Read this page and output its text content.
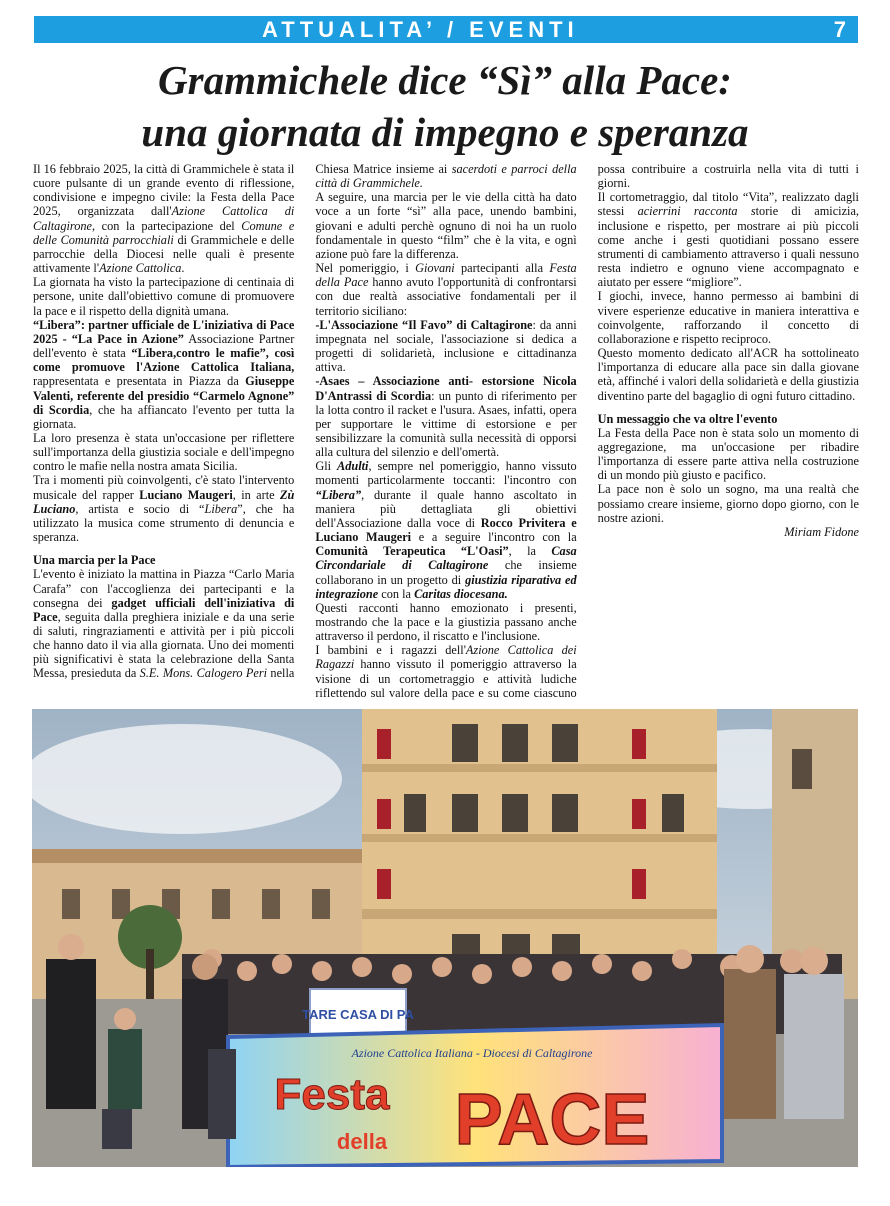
ATTUALITA’ / EVENTI	7
Grammichele dice “Sì” alla Pace:
una giornata di impegno e speranza

Il 16 febbraio 2025, la città di Grammichele è stata il cuore pulsante di un grande evento di riflessione, condivisione e impegno civile: la Festa della Pace 2025, organizzata dall'Azione Cattolica di Caltagirone, con la partecipazione del Comune e delle Comunità parrocchiali di Grammichele e delle parrocchie della Diocesi nelle quali è presente attivamente l'Azione Cattolica.

La giornata ha visto la partecipazione di centinaia di persone, unite dall'obiettivo comune di promuovere la pace e il rispetto della dignità umana.

“Libera”: partner ufficiale de L'iniziativa di Pace 2025 - “La Pace in Azione” Associazione Partner dell'evento è stata “Libera,contro le mafie”, così come promuove l'Azione Cattolica Italiana, rappresentata e presentata in Piazza da Giuseppe Valenti, referente del presidio “Carmelo Agnone” di Scordia, che ha affiancato l'evento per tutta la giornata.

La loro presenza è stata un'occasione per riflettere sull'importanza della giustizia sociale e dell'impegno contro le mafie nella nostra amata Sicilia.

Tra i momenti più coinvolgenti, c'è stato l'intervento musicale del rapper Luciano Maugeri, in arte Zù Luciano, artista e socio di “Libera”, che ha utilizzato la musica come strumento di denuncia e speranza.

Una marcia per la Pace

L'evento è iniziato la mattina in Piazza “Carlo Maria Carafa” con l'accoglienza dei partecipanti e la consegna dei gadget ufficiali dell'iniziativa di Pace, seguita dalla preghiera iniziale e da una serie di saluti, ringraziamenti e attività per i più piccoli che hanno dato il via alla giornata. Uno dei momenti più significativi è stata la celebrazione della Santa Messa, presieduta da S.E. Mons. Calogero Peri nella Chiesa Matrice insieme ai sacerdoti e parroci della città di Grammichele.

A seguire, una marcia per le vie della città ha dato voce a un forte “sì” alla pace, unendo bambini, giovani e adulti perchè ognuno di noi ha un ruolo fondamentale in questo “film” che è la vita, e ognì azione può fare la differenza.

Nel pomeriggio, i Giovani partecipanti alla Festa della Pace hanno avuto l'opportunità di confrontarsi con due realtà associative fondamentali per il territorio siciliano:

-L'Associazione “Il Favo” di Caltagirone: da anni impegnata nel sociale, l'associazione si dedica a progetti di solidarietà, inclusione e cittadinanza attiva.

-Asaes – Associazione anti- estorsione Nicola D'Antrassi di Scordia: un punto di riferimento per la lotta contro il racket e l'usura. Asaes, infatti, opera per supportare le vittime di estorsione e per sensibilizzare la comunità sulla necessità di opporsi alla cultura del silenzio e dell'omertà.

Gli Adulti, sempre nel pomeriggio, hanno vissuto momenti particolarmente toccanti: l'incontro con “Libera”, durante il quale hanno ascoltato in maniera più dettagliata gli obiettivi dell'Associazione dalla voce di Rocco Privitera e Luciano Maugeri e a seguire l'incontro con la Comunità Terapeutica “L'Oasi”, la Casa Circondariale di Caltagirone che insieme collaborano in un progetto di giustizia riparativa ed integrazione con la Caritas diocesana.

Questi racconti hanno emozionato i presenti, mostrando che la pace e la giustizia passano anche attraverso il perdono, il riscatto e l'inclusione.

I bambini e i ragazzi dell'Azione Cattolica dei Ragazzi hanno vissuto il pomeriggio attraverso la visione di un cortometraggio e attività ludiche riflettendo sul valore della pace e su come ciascuno possa contribuire a costruirla nella vita di tutti i giorni.

Il cortometraggio, dal titolo “Vita”, realizzato dagli stessi acierrini racconta storie di amicizia, inclusione e rispetto, per mostrare ai più piccoli come anche i gesti quotidiani possano essere strumenti di cambiamento attraverso i quali nessuno resta indietro e ognuno viene accompagnato e aiutato per essere “migliore”.

I giochi, invece, hanno permesso ai bambini di vivere esperienze educative in maniera interattiva e coinvolgente, rafforzando il concetto di collaborazione e rispetto reciproco.

Questo momento dedicato all'ACR ha sottolineato l'importanza di educare alla pace sin dalla giovane età, affinché i valori della solidarietà e della giustizia diventino parte del bagaglio di ogni futuro cittadino.

Un messaggio che va oltre l'evento

La Festa della Pace non è stata solo un momento di aggregazione, ma un'occasione per ribadire l'importanza di essere parte attiva nella costruzione di un mondo più giusto e pacifico.

La pace non è solo un sogno, ma una realtà che possiamo creare insieme, giorno dopo giorno, con le nostre azioni.

Miriam Fidone

TARE CASA DI PA
Azione Cattolica Italiana - Diocesi di Caltagirone
Festa
della PACE
